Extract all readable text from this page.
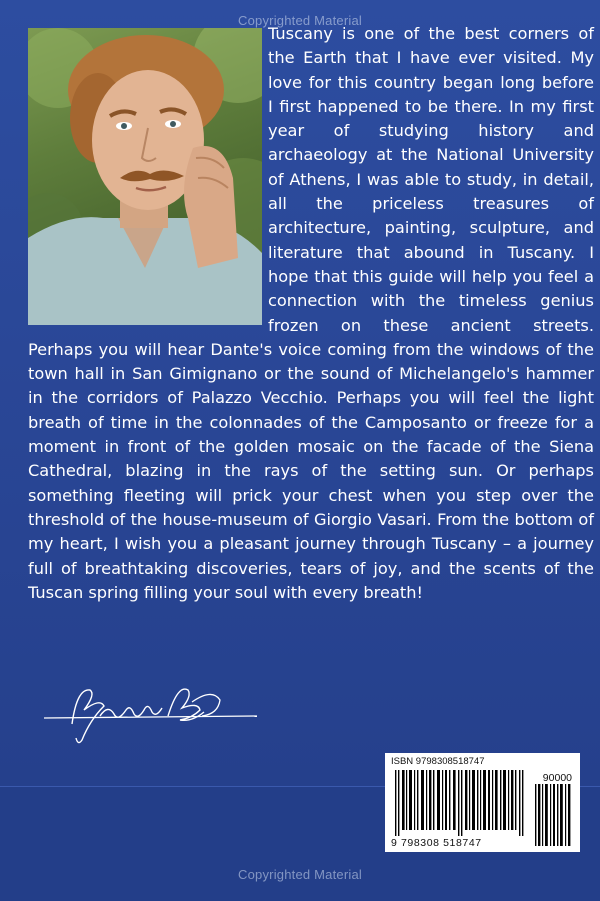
Copyrighted Material

Tuscany is one of the best corners of the Earth that I have ever visited. My love for this country began long before I first happened to be there. In my first year of studying history and archaeology at the National University of Athens, I was able to study, in detail, all the priceless treasures of architecture, painting, sculpture, and literature that abound in Tuscany. I hope that this guide will help you feel a connection with the timeless genius frozen on these ancient streets. Perhaps you will hear Dante's voice coming from the windows of the town hall in San Gimignano or the sound of Michelangelo's hammer in the corridors of Palazzo Vecchio. Perhaps you will feel the light breath of time in the colonnades of the Camposanto or freeze for a moment in front of the golden mosaic on the facade of the Siena Cathedral, blazing in the rays of the setting sun. Or perhaps something fleeting will prick your chest when you step over the threshold of the house-museum of Giorgio Vasari. From the bottom of my heart, I wish you a pleasant journey through Tuscany – a journey full of breathtaking discoveries, tears of joy, and the scents of the Tuscan spring filling your soul with every breath!

ISBN 9798308518747
90000
9 798308 518747
Copyrighted Material
